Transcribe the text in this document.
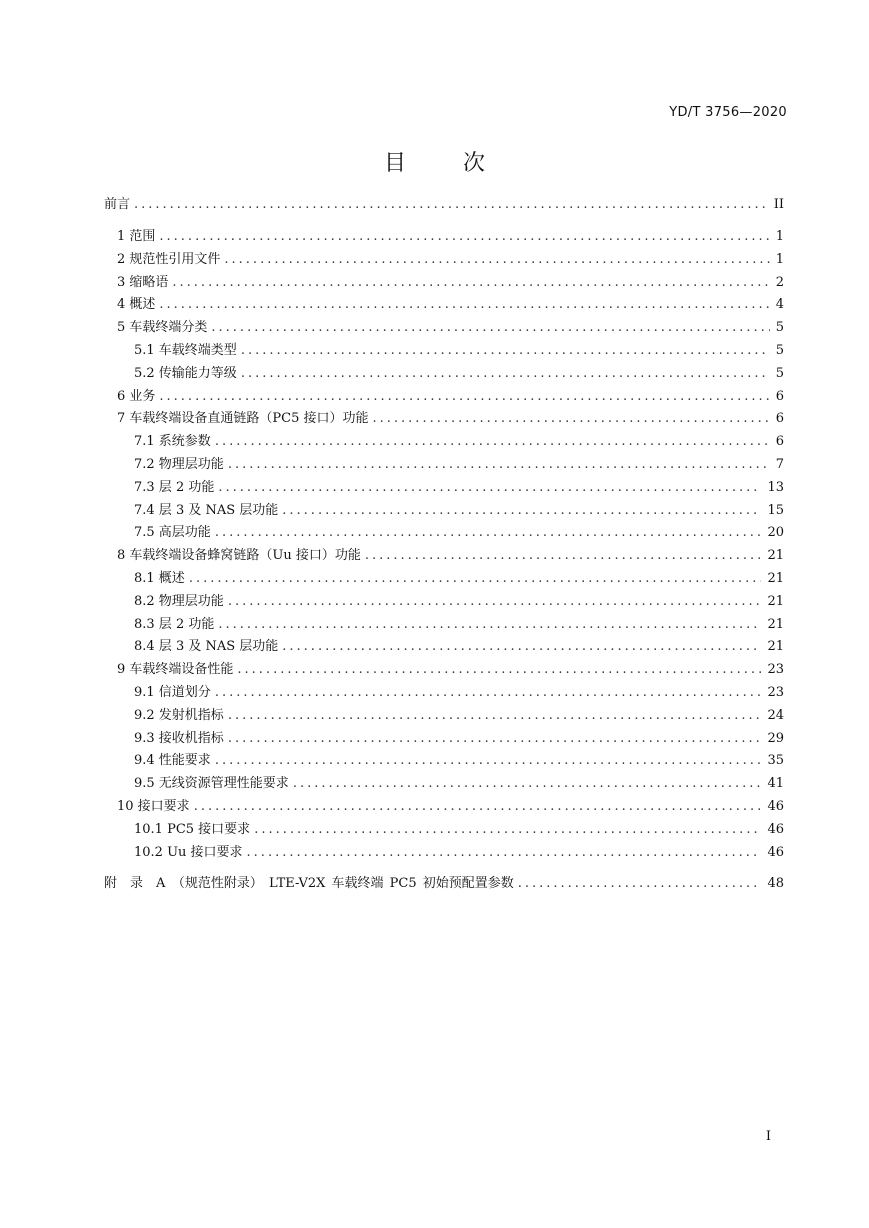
YD/T 3756—2020
目 次
前言 .....	II
1 范围 .....	1
2 规范性引用文件 .....	1
3 缩略语 .....	2
4 概述 .....	4
5 车载终端分类 .....	5
5.1 车载终端类型 .....	5
5.2 传输能力等级 .....	5
6 业务 .....	6
7 车载终端设备直通链路（PC5 接口）功能 .....	6
7.1 系统参数 .....	6
7.2 物理层功能 .....	7
7.3 层 2 功能 .....	13
7.4 层 3 及 NAS 层功能 .....	15
7.5 高层功能 .....	20
8 车载终端设备蜂窝链路（Uu 接口）功能 .....	21
8.1 概述 .....	21
8.2 物理层功能 .....	21
8.3 层 2 功能 .....	21
8.4 层 3 及 NAS 层功能 .....	21
9 车载终端设备性能 .....	23
9.1 信道划分 .....	23
9.2 发射机指标 .....	24
9.3 接收机指标 .....	29
9.4 性能要求 .....	35
9.5 无线资源管理性能要求 .....	41
10 接口要求 .....	46
10.1 PC5 接口要求 .....	46
10.2 Uu 接口要求 .....	46
附　录　A　（规范性附录） LTE-V2X 车载终端 PC5 初始预配置参数 .....	48
I
